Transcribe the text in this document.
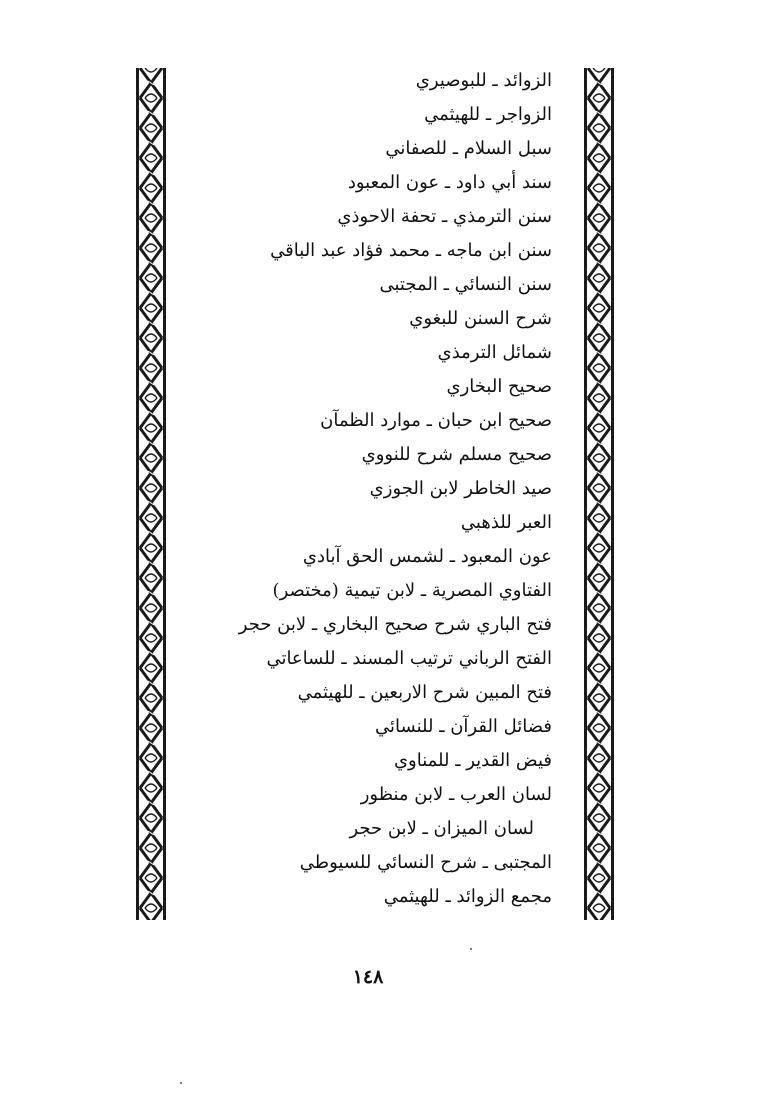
الزوائد ـ للبوصيري
الزواجر ـ للهيثمي
سبل السلام ـ للصفاني
سند أبي داود ـ عون المعبود
سنن الترمذي ـ تحفة الاحوذي
سنن ابن ماجه ـ محمد فؤاد عبد الباقي
سنن النسائي ـ المجتبى
شرح السنن للبغوي
شمائل الترمذي
صحيح البخاري
صحيح ابن حبان ـ موارد الظمآن
صحيح مسلم شرح للنووي
صيد الخاطر لابن الجوزي
العبر للذهبي
عون المعبود ـ لشمس الحق آبادي
الفتاوي المصرية ـ لابن تيمية (مختصر)
فتح الباري شرح صحيح البخاري ـ لابن حجر
الفتح الرباني ترتيب المسند ـ للساعاتي
فتح المبين شرح الاربعين ـ للهيثمي
فضائل القرآن ـ للنسائي
فيض القدير ـ للمناوي
لسان العرب ـ لابن منظور
لسان الميزان ـ لابن حجر
المجتبى ـ شرح النسائي للسيوطي
مجمع الزوائد ـ للهيثمي
١٤٨
